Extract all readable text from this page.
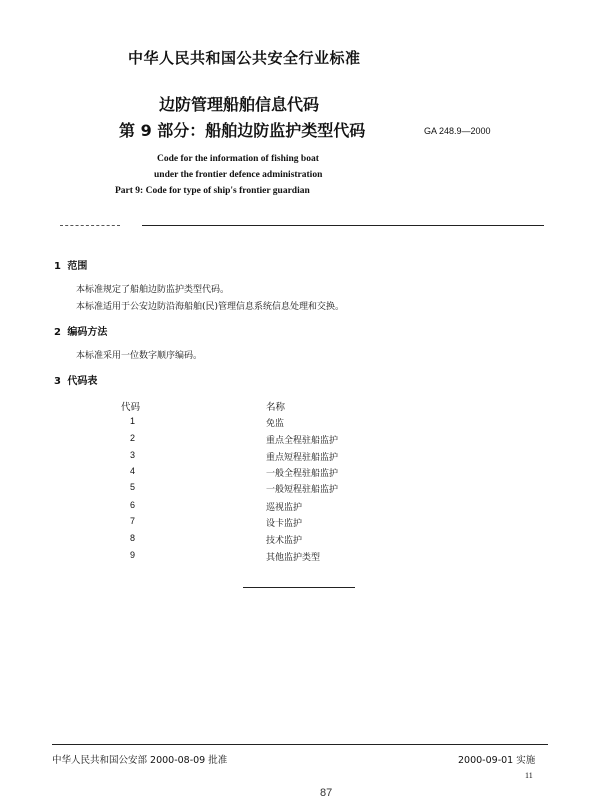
中华人民共和国公共安全行业标准
边防管理船舶信息代码
第 9 部分：船舶边防监护类型代码	GA 248.9—2000
Code for the information of fishing boat
under the frontier defence administration
Part 9: Code for type of ship's frontier guardian
1 范围
本标准规定了船舶边防监护类型代码。
本标准适用于公安边防沿海船舶(民)管理信息系统信息处理和交换。
2 编码方法
本标准采用一位数字顺序编码。
3 代码表
代码	名称
1	免监
2	重点全程驻船监护
3	重点短程驻船监护
4	一般全程驻船监护
5	一般短程驻船监护
6	巡视监护
7	设卡监护
8	技术监护
9	其他监护类型
中华人民共和国公安部 2000-08-09 批准	2000-09-01 实施
11
87
